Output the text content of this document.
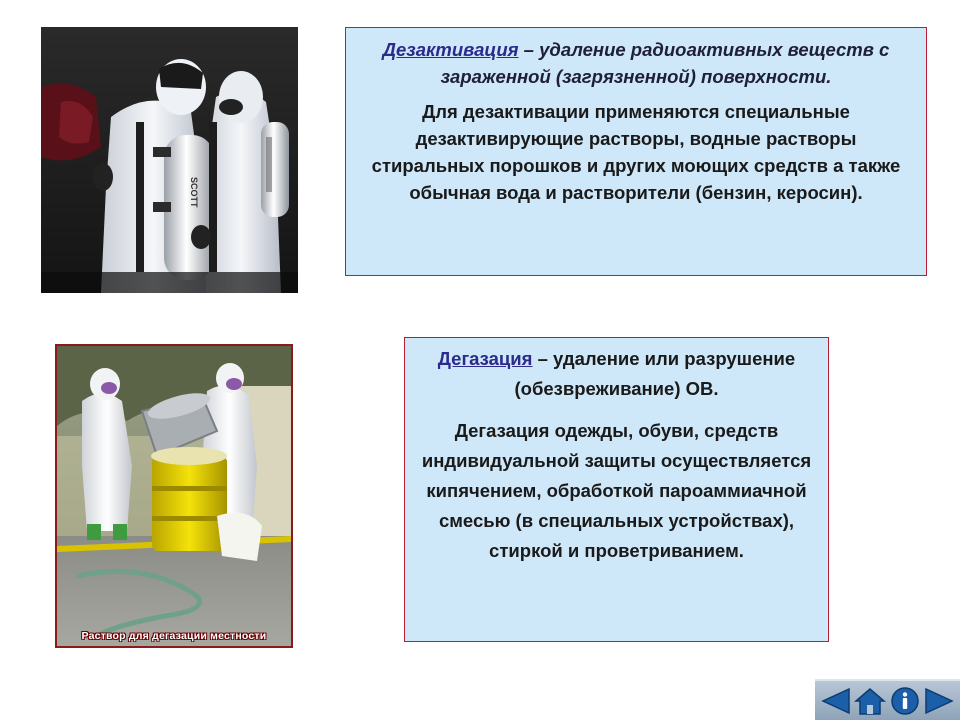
SCOTT

Дезактивация – удаление радиоактивных веществ с зараженной (загрязненной) поверхности.

Для дезактивации применяются специальные дезактивирующие растворы, водные растворы стиральных порошков и других моющих средств а также обычная вода и растворители (бензин, керосин).

Раствор для дегазации местности

Дегазация – удаление или разрушение (обезвреживание) ОВ.

Дегазация одежды, обуви, средств индивидуальной защиты осуществляется кипячением, обработкой пароаммиачной смесью (в специальных устройствах), стиркой и проветриванием.
